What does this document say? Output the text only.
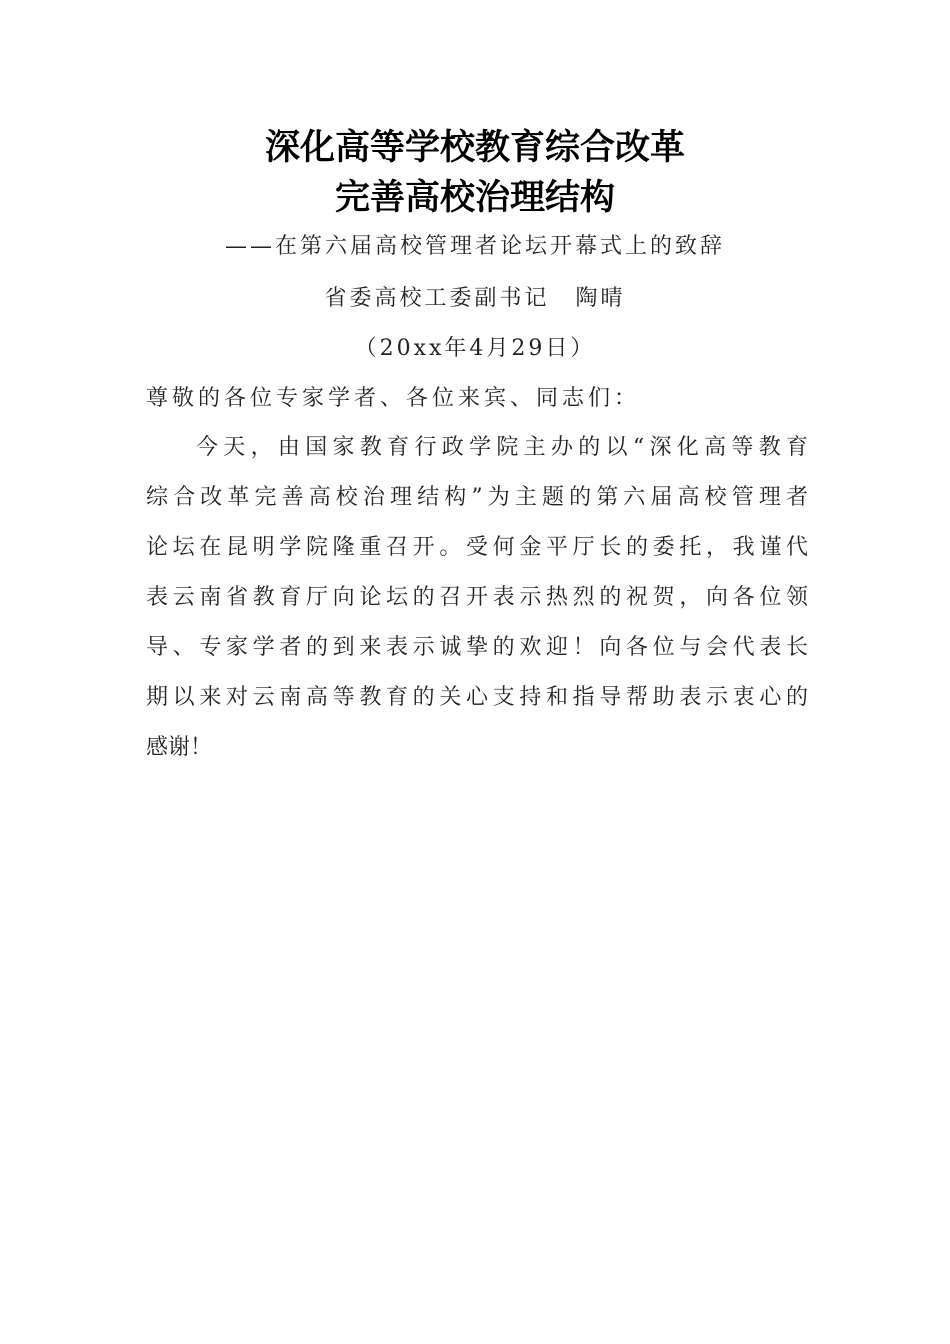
深化高等学校教育综合改革
完善高校治理结构
——在第六届高校管理者论坛开幕式上的致辞
省委高校工委副书记 陶晴
（20xx年4月29日）
尊敬的各位专家学者、各位来宾、同志们：
今天，由国家教育行政学院主办的以“深化高等教育
综合改革完善高校治理结构”为主题的第六届高校管理者
论坛在昆明学院隆重召开。受何金平厅长的委托，我谨代
表云南省教育厅向论坛的召开表示热烈的祝贺，向各位领
导、专家学者的到来表示诚挚的欢迎！向各位与会代表长
期以来对云南高等教育的关心支持和指导帮助表示衷心的
感谢！
